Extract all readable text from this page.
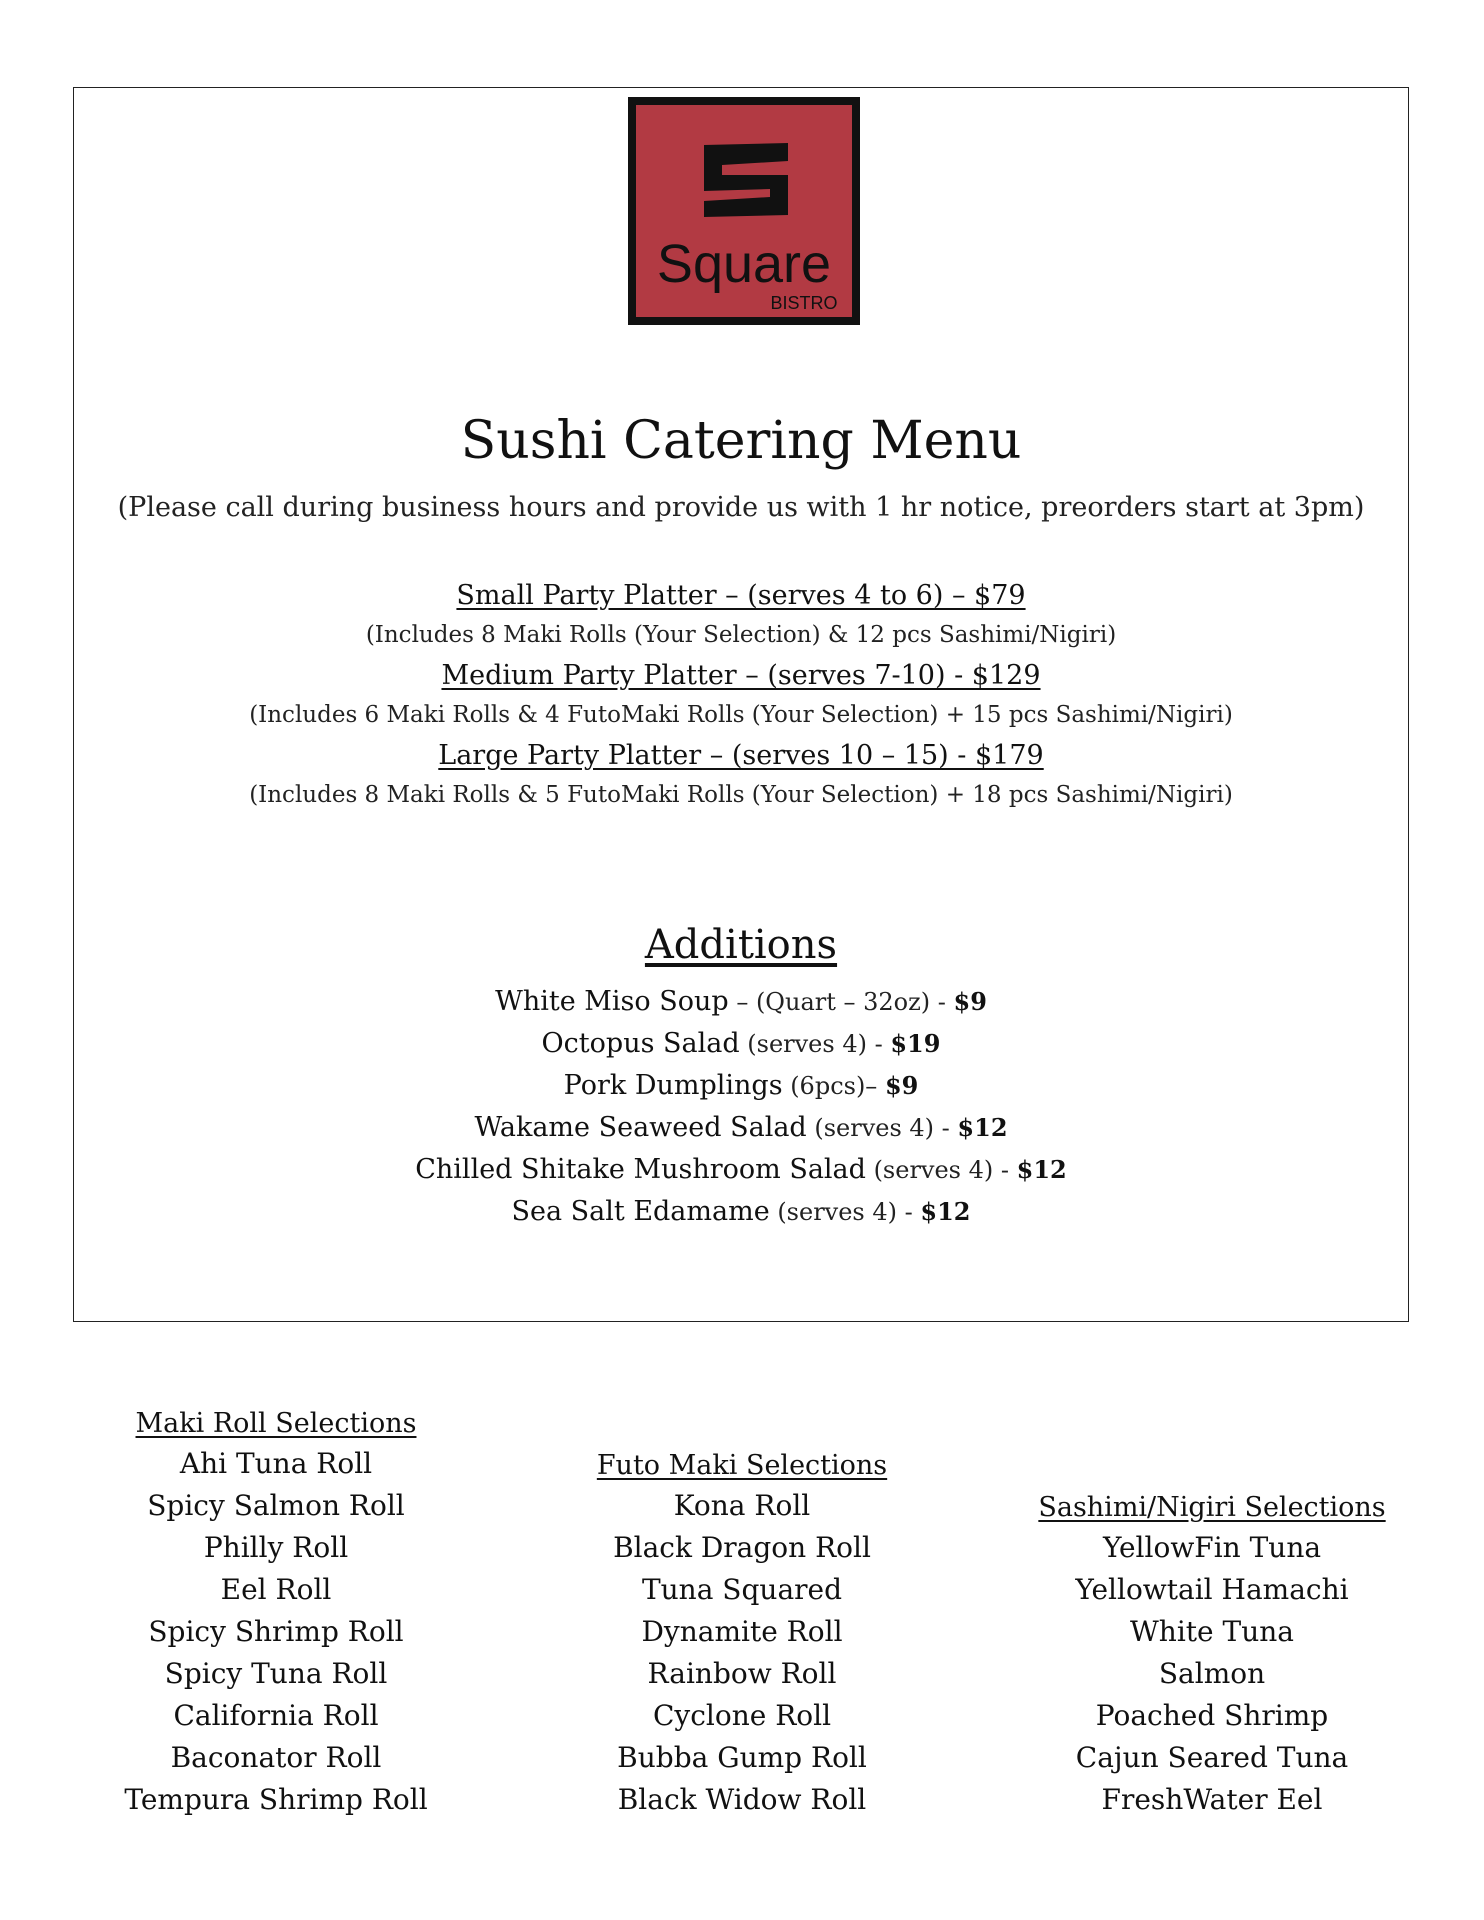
Square
BISTRO
Sushi Catering Menu
(Please call during business hours and provide us with 1 hr notice, preorders start at 3pm)
Small Party Platter – (serves 4 to 6) – $79
(Includes 8 Maki Rolls (Your Selection) & 12 pcs Sashimi/Nigiri)
Medium Party Platter – (serves 7-10) - $129
(Includes 6 Maki Rolls & 4 FutoMaki Rolls (Your Selection) + 15 pcs Sashimi/Nigiri)
Large Party Platter – (serves 10 – 15) - $179
(Includes 8 Maki Rolls & 5 FutoMaki Rolls (Your Selection) + 18 pcs Sashimi/Nigiri)
Additions
White Miso Soup – (Quart – 32oz) - $9
Octopus Salad (serves 4) - $19
Pork Dumplings (6pcs)– $9
Wakame Seaweed Salad (serves 4) - $12
Chilled Shitake Mushroom Salad (serves 4) - $12
Sea Salt Edamame (serves 4) - $12
Maki Roll Selections
Ahi Tuna Roll
Spicy Salmon Roll
Philly Roll
Eel Roll
Spicy Shrimp Roll
Spicy Tuna Roll
California Roll
Baconator Roll
Tempura Shrimp Roll
Futo Maki Selections
Kona Roll
Black Dragon Roll
Tuna Squared
Dynamite Roll
Rainbow Roll
Cyclone Roll
Bubba Gump Roll
Black Widow Roll
Sashimi/Nigiri Selections
YellowFin Tuna
Yellowtail Hamachi
White Tuna
Salmon
Poached Shrimp
Cajun Seared Tuna
FreshWater Eel
